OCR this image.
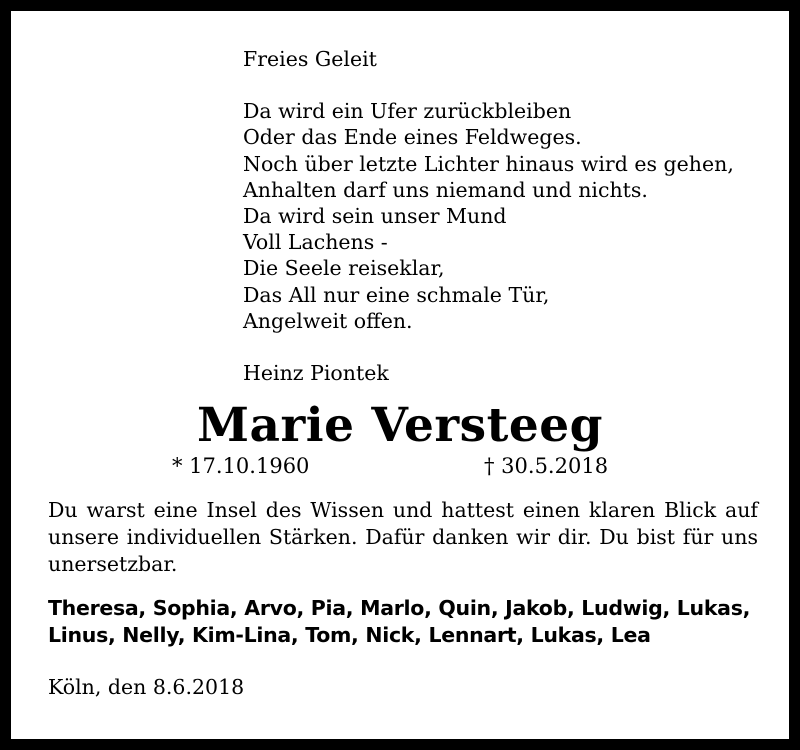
Freies Geleit
Da wird ein Ufer zurückbleiben
Oder das Ende eines Feldweges.
Noch über letzte Lichter hinaus wird es gehen,
Anhalten darf uns niemand und nichts.
Da wird sein unser Mund
Voll Lachens -
Die Seele reiseklar,
Das All nur eine schmale Tür,
Angelweit offen.
Heinz Piontek
Marie Versteeg
* 17.10.1960	† 30.5.2018
Du warst eine Insel des Wissen und hattest einen klaren Blick auf unsere individuellen Stärken. Dafür danken wir dir. Du bist für uns unersetzbar.
Theresa, Sophia, Arvo, Pia, Marlo, Quin, Jakob, Ludwig, Lukas,
Linus, Nelly, Kim-Lina, Tom, Nick, Lennart, Lukas, Lea
Köln, den 8.6.2018
